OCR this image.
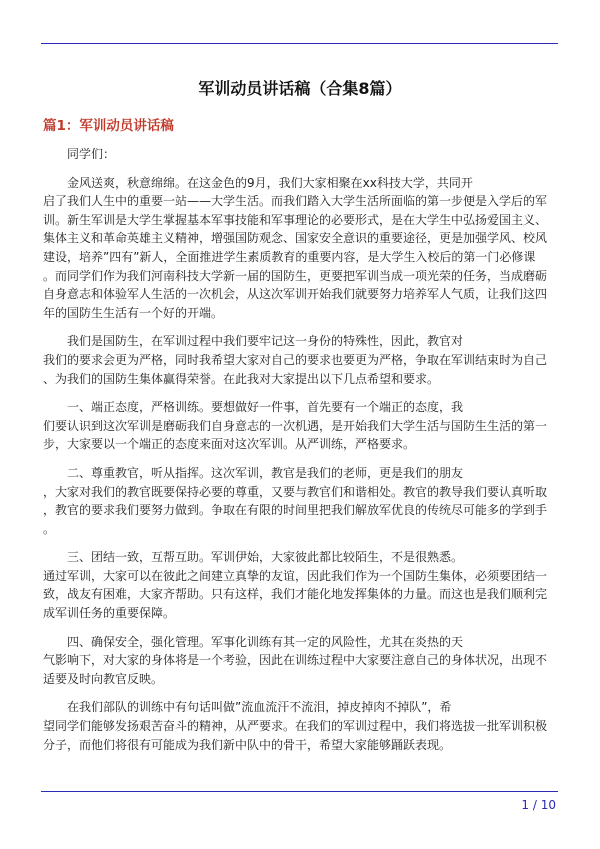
军训动员讲话稿（合集8篇）
篇1：军训动员讲话稿

同学们：

金风送爽，秋意绵绵。在这金色的9月，我们大家相聚在xx科技大学，共同开
启了我们人生中的重要一站——大学生活。而我们踏入大学生活所面临的第一步便是入学后的军
训。新生军训是大学生掌握基本军事技能和军事理论的必要形式，是在大学生中弘扬爱国主义、
集体主义和革命英雄主义精神，增强国防观念、国家安全意识的重要途径，更是加强学风、校风
建设，培养”四有”新人，全面推进学生素质教育的重要内容，是大学生入校后的第一门必修课
。而同学们作为我们河南科技大学新一届的国防生，更要把军训当成一项光荣的任务，当成磨砺
自身意志和体验军人生活的一次机会，从这次军训开始我们就要努力培养军人气质，让我们这四
年的国防生生活有一个好的开端。

我们是国防生，在军训过程中我们要牢记这一身份的特殊性，因此，教官对
我们的要求会更为严格，同时我希望大家对自己的要求也要更为严格，争取在军训结束时为自己
、为我们的国防生集体赢得荣誉。在此我对大家提出以下几点希望和要求。

一、端正态度，严格训练。要想做好一件事，首先要有一个端正的态度，我
们要认识到这次军训是磨砺我们自身意志的一次机遇，是开始我们大学生活与国防生生活的第一
步，大家要以一个端正的态度来面对这次军训。从严训练，严格要求。

二、尊重教官，听从指挥。这次军训，教官是我们的老师，更是我们的朋友
，大家对我们的教官既要保持必要的尊重，又要与教官们和谐相处。教官的教导我们要认真听取
，教官的要求我们要努力做到。争取在有限的时间里把我们解放军优良的传统尽可能多的学到手
。

三、团结一致，互帮互助。军训伊始，大家彼此都比较陌生，不是很熟悉。
通过军训，大家可以在彼此之间建立真挚的友谊，因此我们作为一个国防生集体，必须要团结一
致，战友有困难，大家齐帮助。只有这样，我们才能化地发挥集体的力量。而这也是我们顺利完
成军训任务的重要保障。

四、确保安全，强化管理。军事化训练有其一定的风险性，尤其在炎热的天
气影响下，对大家的身体将是一个考验，因此在训练过程中大家要注意自己的身体状况，出现不
适要及时向教官反映。

在我们部队的训练中有句话叫做”流血流汗不流泪，掉皮掉肉不掉队”，希
望同学们能够发扬艰苦奋斗的精神，从严要求。在我们的军训过程中，我们将选拔一批军训积极
分子，而他们将很有可能成为我们新中队中的骨干，希望大家能够踊跃表现。

1 / 10
